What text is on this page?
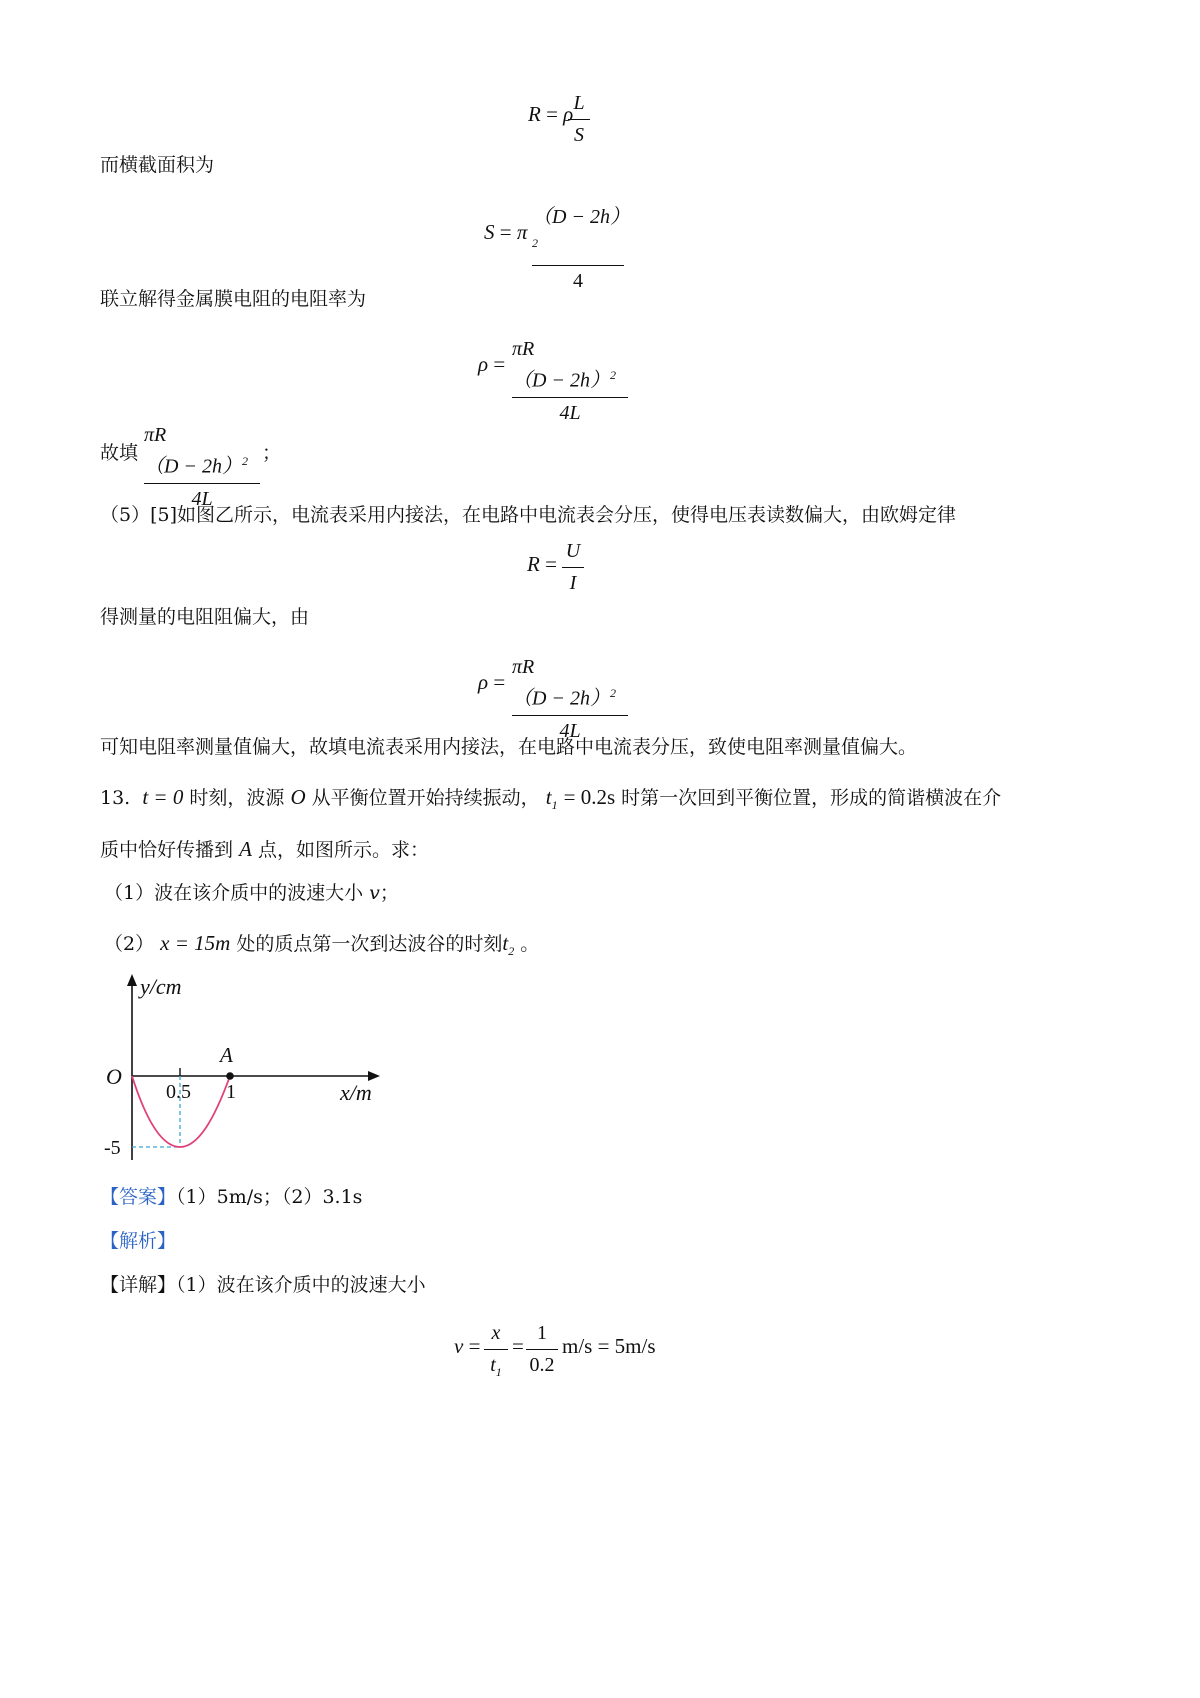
R = ρ L
S
而横截面积为
S = π
$(D - 2h)^2$
4
联立解得金属膜电阻的电阻率为
ρ =
$\pi R(D - 2h)^2$
4L
故填
$\pi R(D - 2h)^2$
4L
；
（5）[5]如图乙所示，电流表采用内接法，在电路中电流表会分压，使得电压表读数偏大，由欧姆定律
R =
U
I
得测量的电阻阻偏大，由
ρ =
$\pi R(D - 2h)^2$
4L
可知电阻率测量值偏大，故填电流表采用内接法，在电路中电流表分压，致使电阻率测量值偏大。
13. t = 0 时刻，波源 O 从平衡位置开始持续振动， $t_1 = 0.2s$ 时第一次回到平衡位置，形成的简谐横波在介
质中恰好传播到 A 点，如图所示。求：
（1）波在该介质中的波速大小 v；
（2） x = 15m 处的质点第一次到达波谷的时刻$t_2$ 。
y/cm
x/m
O
A
0.5 1
-5
【答案】（1）5m/s；（2）3.1s
【解析】
【详解】（1）波在该介质中的波速大小
v =
x
$t_1$
=
1
0.2
m/s = 5m/s
